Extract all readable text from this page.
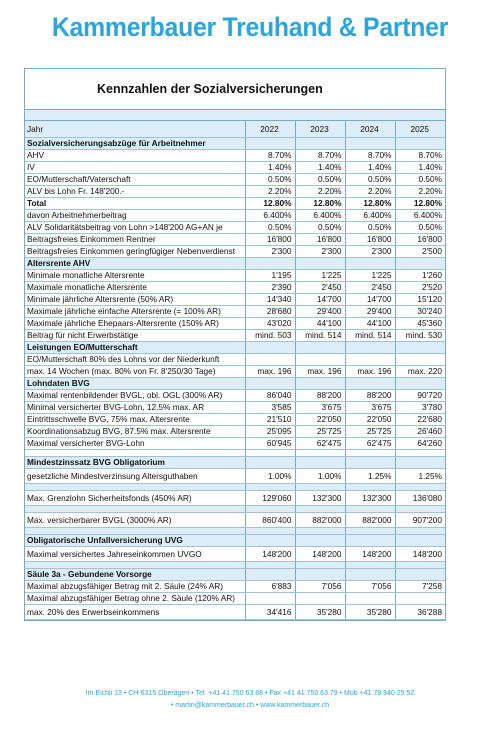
Kammerbauer Treuhand & Partner
Kennzahlen der Sozialversicherungen
Jahr	2022	2023	2024	2025
Sozialversicherungsabzüge für Arbeitnehmer				
AHV	8.70%	8.70%	8.70%	8.70%
IV	1.40%	1.40%	1.40%	1.40%
EO/Mutterschaft/Vaterschaft	0.50%	0.50%	0.50%	0.50%
ALV bis Lohn Fr. 148'200.-	2.20%	2.20%	2.20%	2.20%
Total	12.80%	12.80%	12.80%	12.80%
davon Arbeitnehmerbeitrag	6.400%	6.400%	6.400%	6.400%
ALV Solidaritätsbeitrag von Lohn >148'200 AG+AN je	0.50%	0.50%	0.50%	0.50%
Beitragsfreies Einkommen Rentner	16'800	16'800	16'800	16'800
Beitragsfreies Einkommen geringfügiger Nebenverdienst	2'300	2'300	2'300	2'500
Altersrente AHV				
Minimale monatliche Altersrente	1'195	1'225	1'225	1'260
Maximale monatliche Altersrente	2'390	2'450	2'450	2'520
Minimale jährliche Altersrente (50% AR)	14'340	14'700	14'700	15'120
Maximale jährliche einfache Altersrente (= 100% AR)	28'680	29'400	29'400	30'240
Maximale jährliche Ehepaars-Altersrente (150% AR)	43'020	44'100	44'100	45'360
Beitrag für nicht Erwerbstätige	mind. 503	mind. 514	mind. 514	mind. 530
Leistungen EO/Mutterschaft				
EO/Mutterschaft 80% des Lohns vor der Niederkunft				
max. 14 Wochen (max. 80% von Fr. 8'250/30 Tage)	max. 196	max. 196	max. 196	max. 220
Lohndaten BVG				
Maximal rentenbildender BVGL, obl. OGL (300% AR)	86'040	88'200	88'200	90'720
Minimal versicherter BVG-Lohn, 12.5% max. AR	3'585	3'675	3'675	3'780
Eintrittsschwelle BVG, 75% max. Altersrente	21'510	22'050	22'050	22'680
Koordinationsabzug BVG, 87.5% max. Altersrente	25'095	25'725	25'725	26'460
Maximal versicherter BVG-Lohn	60'945	62'475	62'475	64'260

Mindestzinssatz BVG Obligatorium				
gesetzliche Mindestverzinsung Altersguthaben	1.00%	1.00%	1.25%	1.25%

Max. Grenzlohn Sicherheitsfonds (450% AR)	129'060	132'300	132'300	136'080

Max. versicherbarer BVGL (3000% AR)	860'400	882'000	882'000	907'200

Obligatorische Unfallversicherung UVG				
Maximal versichertes Jahreseinkommen UVGO	148'200	148'200	148'200	148'200

Säule 3a - Gebundene Vorsorge				
Maximal abzugsfähiger Betrag mit 2. Säule (24% AR)	6'883	7'056	7'056	7'258
Maximal abzugsfähiger Betrag ohne 2. Säule (120% AR)				
max. 20% des Erwerbseinkommens	34'416	35'280	35'280	36'288
Im Eichli 13 • CH-6315 Oberägeri • Tel. +41 41 750 63 88 • Fax +41 41 750 63 79 • Mob +41 79 340 25 52
• martin@kammerbauer.ch • www.kammerbauer.ch
